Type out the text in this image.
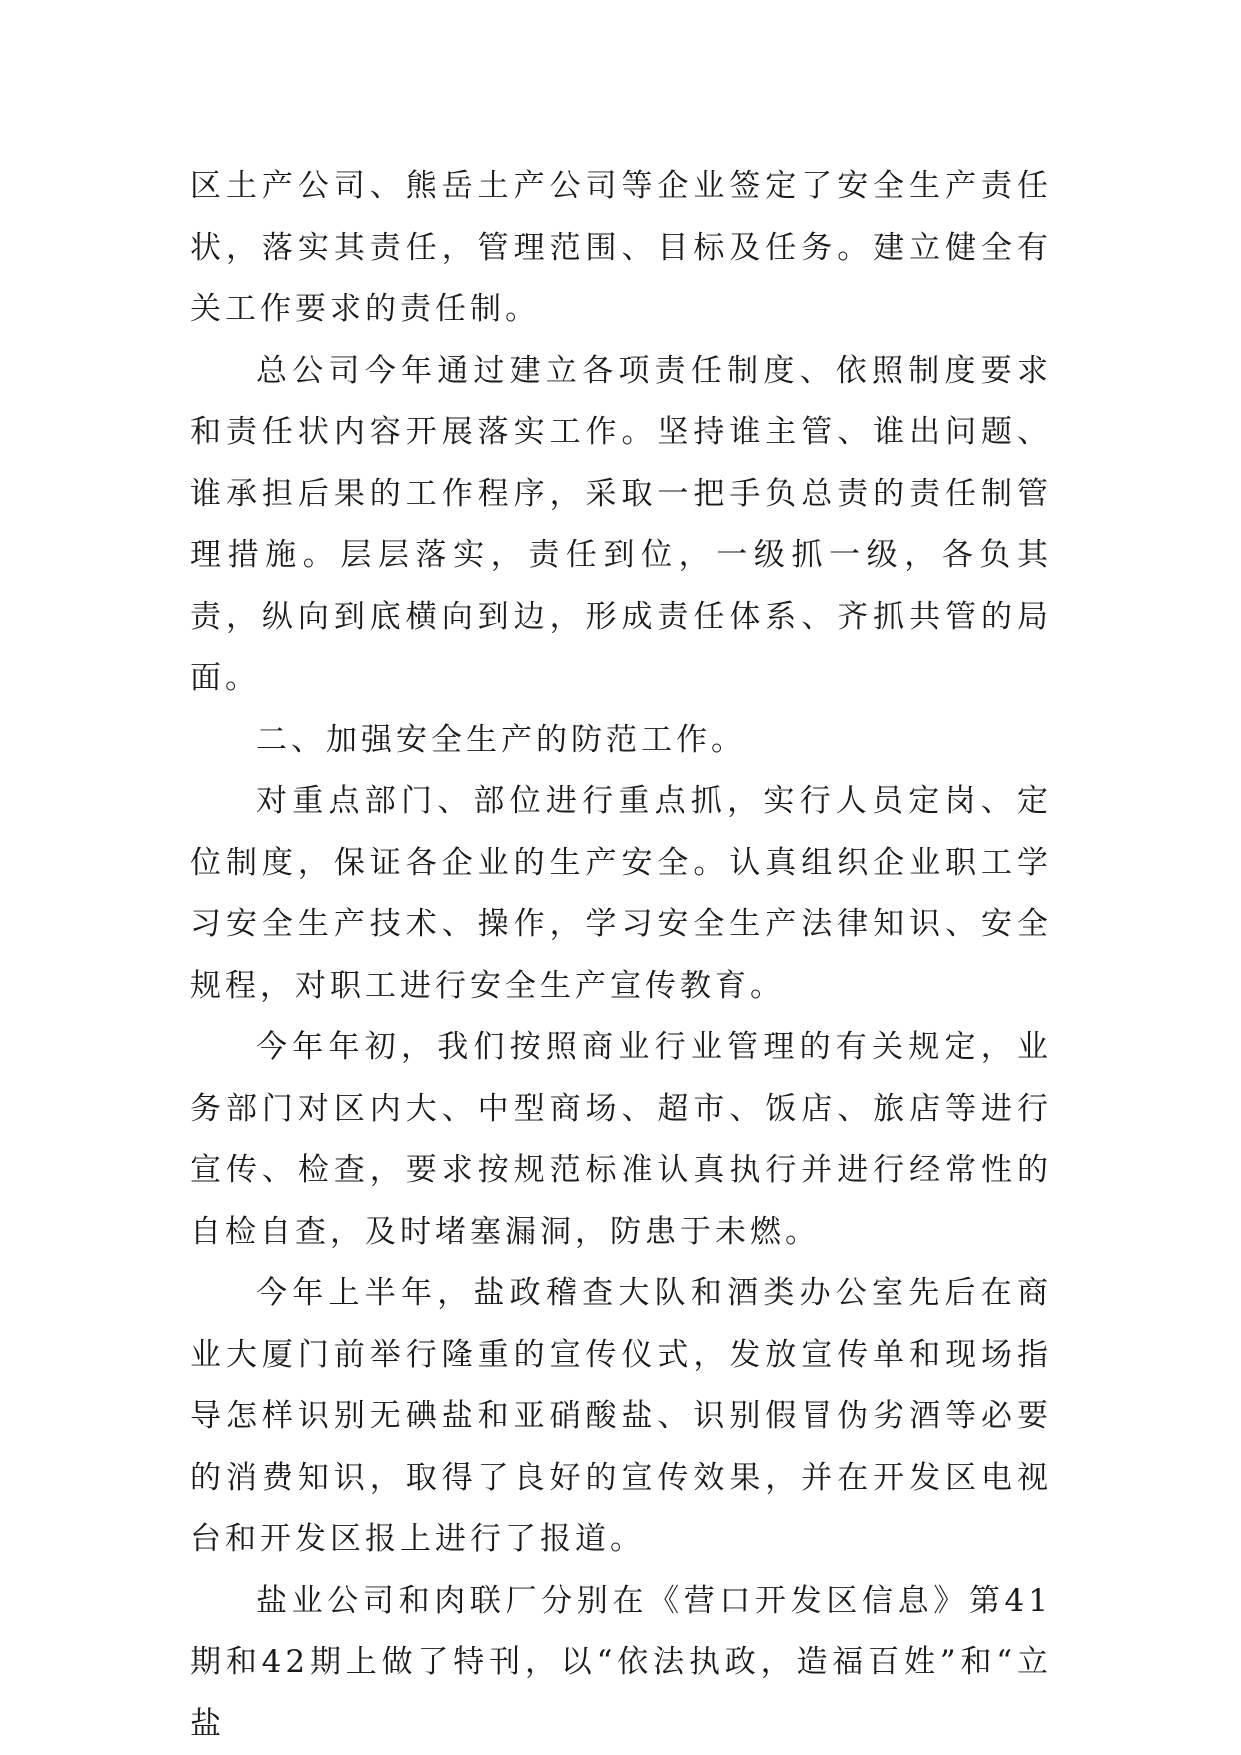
区土产公司、熊岳土产公司等企业签定了安全生产责任状，落实其责任，管理范围、目标及任务。建立健全有关工作要求的责任制。

总公司今年通过建立各项责任制度、依照制度要求和责任状内容开展落实工作。坚持谁主管、谁出问题、谁承担后果的工作程序，采取一把手负总责的责任制管理措施。层层落实，责任到位，一级抓一级，各负其责，纵向到底横向到边，形成责任体系、齐抓共管的局面。

二、加强安全生产的防范工作。

对重点部门、部位进行重点抓，实行人员定岗、定位制度，保证各企业的生产安全。认真组织企业职工学习安全生产技术、操作，学习安全生产法律知识、安全规程，对职工进行安全生产宣传教育。

今年年初，我们按照商业行业管理的有关规定，业务部门对区内大、中型商场、超市、饭店、旅店等进行宣传、检查，要求按规范标准认真执行并进行经常性的自检自查，及时堵塞漏洞，防患于未燃。

今年上半年，盐政稽查大队和酒类办公室先后在商业大厦门前举行隆重的宣传仪式，发放宣传单和现场指导怎样识别无碘盐和亚硝酸盐、识别假冒伪劣酒等必要的消费知识，取得了良好的宣传效果，并在开发区电视台和开发区报上进行了报道。

盐业公司和肉联厂分别在《营口开发区信息》第41期和42期上做了特刊，以“依法执政，造福百姓”和“立盐
